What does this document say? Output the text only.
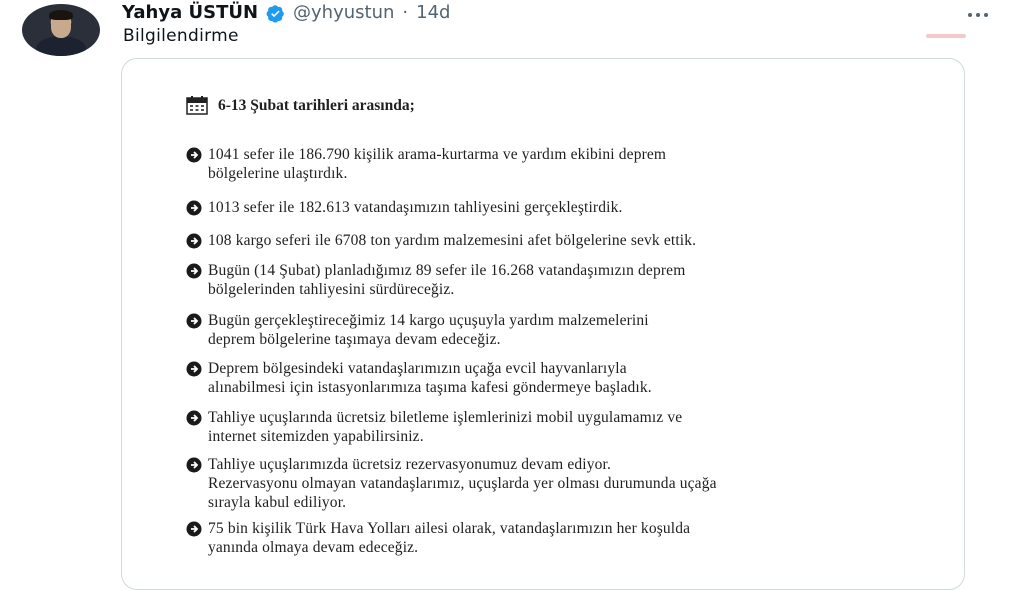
Yahya ÜSTÜN @yhyustun · 14d
Bilgilendirme
6-13 Şubat tarihleri arasında;
1041 sefer ile 186.790 kişilik arama-kurtarma ve yardım ekibini deprem
bölgelerine ulaştırdık.
1013 sefer ile 182.613 vatandaşımızın tahliyesini gerçekleştirdik.
108 kargo seferi ile 6708 ton yardım malzemesini afet bölgelerine sevk ettik.
Bugün (14 Şubat) planladığımız 89 sefer ile 16.268 vatandaşımızın deprem
bölgelerinden tahliyesini sürdüreceğiz.
Bugün gerçekleştireceğimiz 14 kargo uçuşuyla yardım malzemelerini
deprem bölgelerine taşımaya devam edeceğiz.
Deprem bölgesindeki vatandaşlarımızın uçağa evcil hayvanlarıyla
alınabilmesi için istasyonlarımıza taşıma kafesi göndermeye başladık.
Tahliye uçuşlarında ücretsiz biletleme işlemlerinizi mobil uygulamamız ve
internet sitemizden yapabilirsiniz.
Tahliye uçuşlarımızda ücretsiz rezervasyonumuz devam ediyor.
Rezervasyonu olmayan vatandaşlarımız, uçuşlarda yer olması durumunda uçağa
sırayla kabul ediliyor.
75 bin kişilik Türk Hava Yolları ailesi olarak, vatandaşlarımızın her koşulda
yanında olmaya devam edeceğiz.
